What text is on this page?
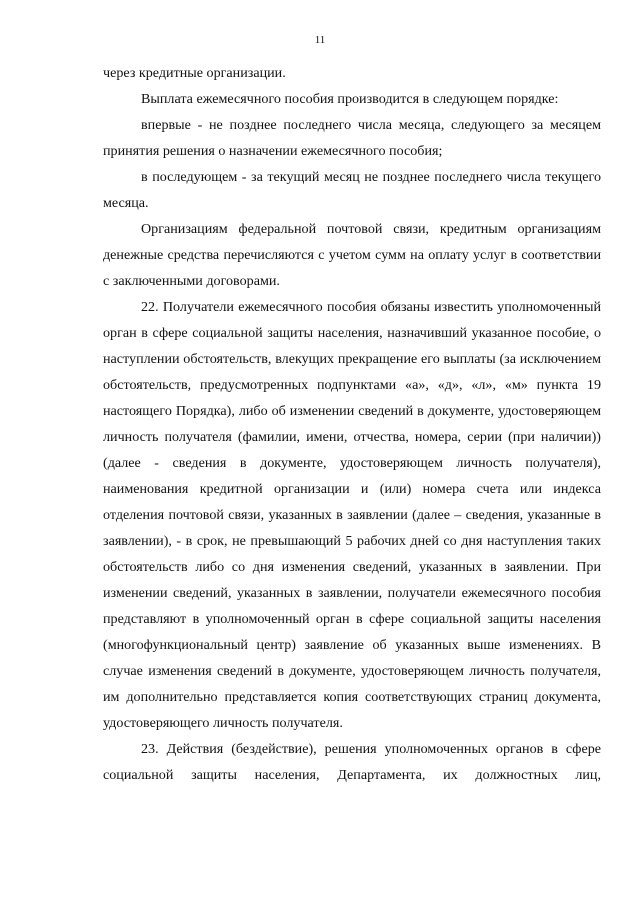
11

через кредитные организации.

Выплата ежемесячного пособия производится в следующем порядке:

впервые - не позднее последнего числа месяца, следующего за месяцем принятия решения о назначении ежемесячного пособия;

в последующем - за текущий месяц не позднее последнего числа текущего месяца.

Организациям федеральной почтовой связи, кредитным организациям денежные средства перечисляются с учетом сумм на оплату услуг в соответствии с заключенными договорами.

22. Получатели ежемесячного пособия обязаны известить уполномоченный орган в сфере социальной защиты населения, назначивший указанное пособие, о наступлении обстоятельств, влекущих прекращение его выплаты (за исключением обстоятельств, предусмотренных подпунктами «а», «д», «л», «м» пункта 19 настоящего Порядка), либо об изменении сведений в документе, удостоверяющем личность получателя (фамилии, имени, отчества, номера, серии (при наличии)) (далее - сведения в документе, удостоверяющем личность получателя), наименования кредитной организации и (или) номера счета или индекса отделения почтовой связи, указанных в заявлении (далее – сведения, указанные в заявлении), - в срок, не превышающий 5 рабочих дней со дня наступления таких обстоятельств либо со дня изменения сведений, указанных в заявлении. При изменении сведений, указанных в заявлении, получатели ежемесячного пособия представляют в уполномоченный орган в сфере социальной защиты населения (многофункциональный центр) заявление об указанных выше изменениях. В случае изменения сведений в документе, удостоверяющем личность получателя, им дополнительно представляется копия соответствующих страниц документа, удостоверяющего личность получателя.

23. Действия (бездействие), решения уполномоченных органов в сфере социальной защиты населения, Департамента, их должностных лиц,
